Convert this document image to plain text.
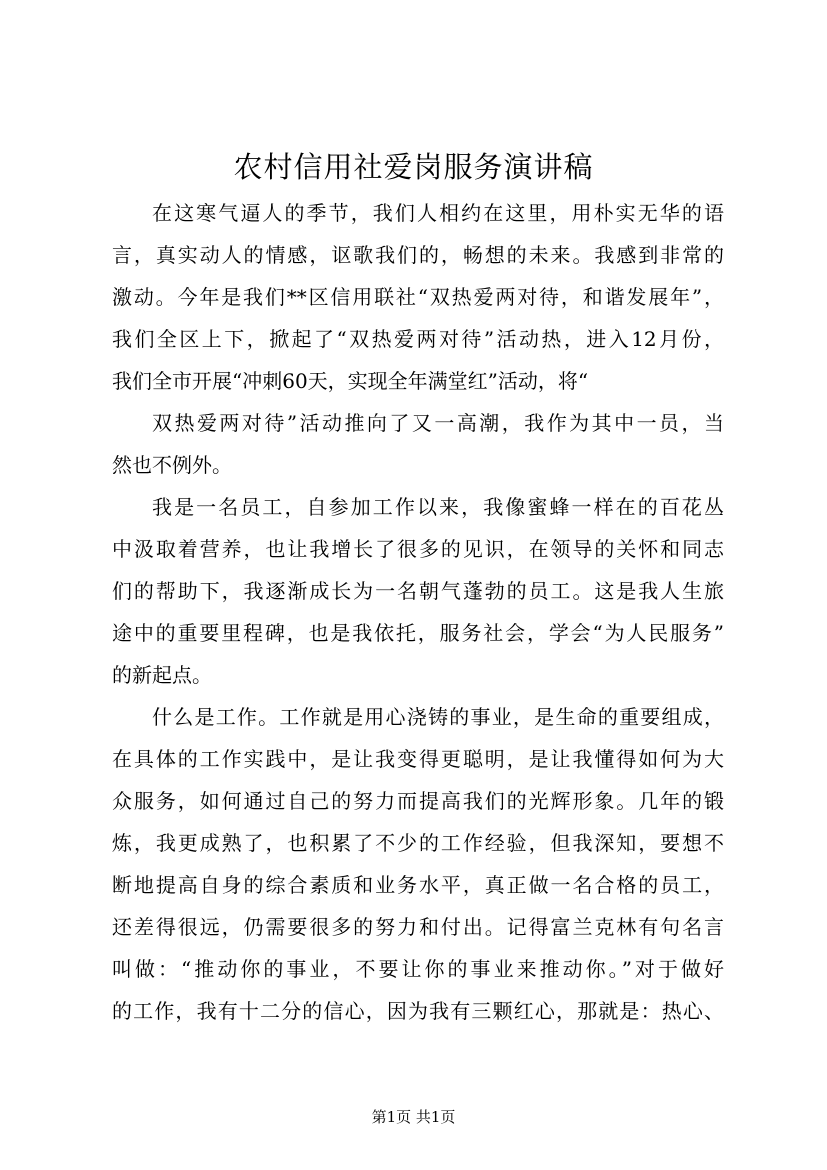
农村信用社爱岗服务演讲稿
在这寒气逼人的季节，我们人相约在这里，用朴实无华的语
言，真实动人的情感，讴歌我们的，畅想的未来。我感到非常的
激动。今年是我们**区信用联社“双热爱两对待，和谐发展年”，
我们全区上下，掀起了“双热爱两对待”活动热，进入12月份，
我们全市开展“冲刺60天，实现全年满堂红”活动，将“
双热爱两对待”活动推向了又一高潮，我作为其中一员，当
然也不例外。
我是一名员工，自参加工作以来，我像蜜蜂一样在的百花丛
中汲取着营养，也让我增长了很多的见识，在领导的关怀和同志
们的帮助下，我逐渐成长为一名朝气蓬勃的员工。这是我人生旅
途中的重要里程碑，也是我依托，服务社会，学会“为人民服务”
的新起点。
什么是工作。工作就是用心浇铸的事业，是生命的重要组成，
在具体的工作实践中，是让我变得更聪明，是让我懂得如何为大
众服务，如何通过自己的努力而提高我们的光辉形象。几年的锻
炼，我更成熟了，也积累了不少的工作经验，但我深知，要想不
断地提高自身的综合素质和业务水平，真正做一名合格的员工，
还差得很远，仍需要很多的努力和付出。记得富兰克林有句名言
叫做：“推动你的事业，不要让你的事业来推动你。”对于做好
的工作，我有十二分的信心，因为我有三颗红心，那就是：热心、
第1页 共1页
